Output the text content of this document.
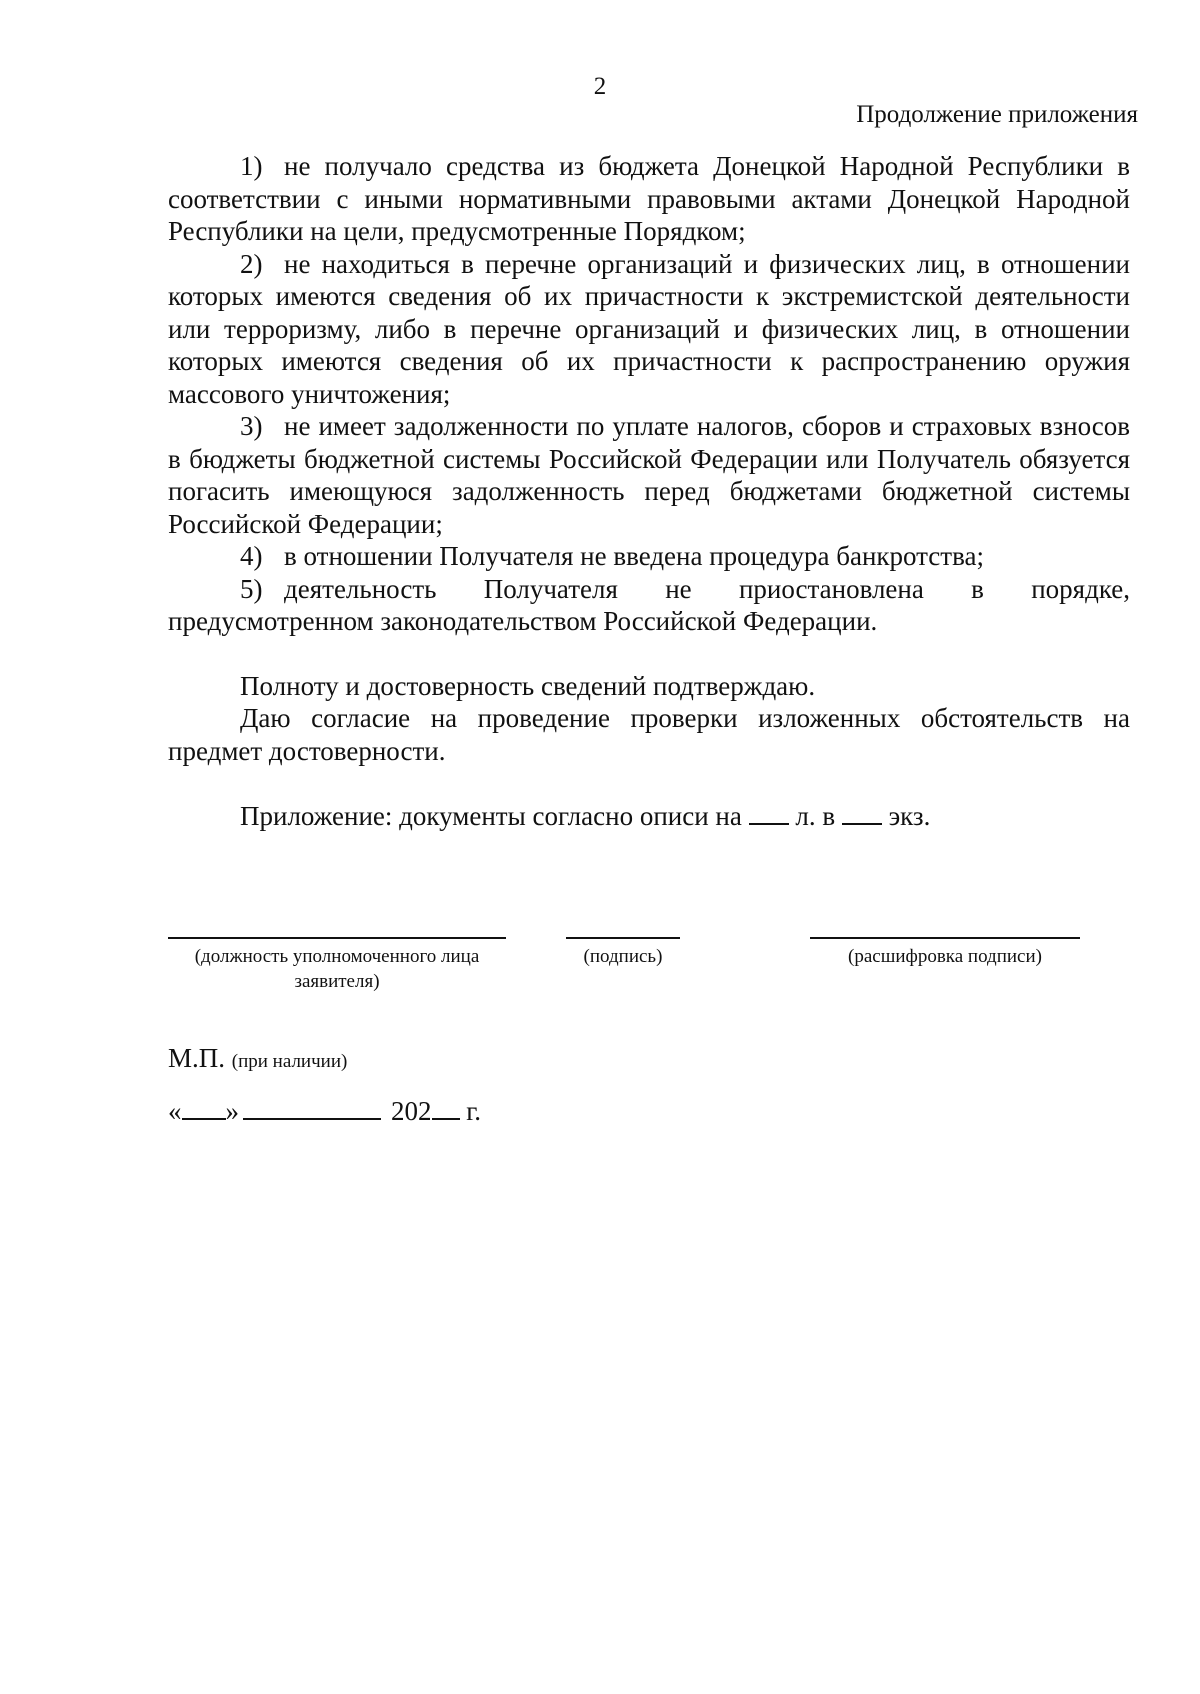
2
Продолжение приложения

1) не получало средства из бюджета Донецкой Народной Республики в соответствии с иными нормативными правовыми актами Донецкой Народной Республики на цели, предусмотренные Порядком;

2) не находиться в перечне организаций и физических лиц, в отношении которых имеются сведения об их причастности к экстремистской деятельности или терроризму, либо в перечне организаций и физических лиц, в отношении которых имеются сведения об их причастности к распространению оружия массового уничтожения;

3) не имеет задолженности по уплате налогов, сборов и страховых взносов в бюджеты бюджетной системы Российской Федерации или Получатель обязуется погасить имеющуюся задолженность перед бюджетами бюджетной системы Российской Федерации;

4) в отношении Получателя не введена процедура банкротства;

5) деятельность Получателя не приостановлена в порядке, предусмотренном законодательством Российской Федерации.

Полноту и достоверность сведений подтверждаю.

Даю согласие на проведение проверки изложенных обстоятельств на предмет достоверности.

Приложение: документы согласно описи на л. в экз.
(должность уполномоченного лица
заявителя)
(подпись)	(расшифровка подписи)
М.П. (при наличии)
« »	202 г.
